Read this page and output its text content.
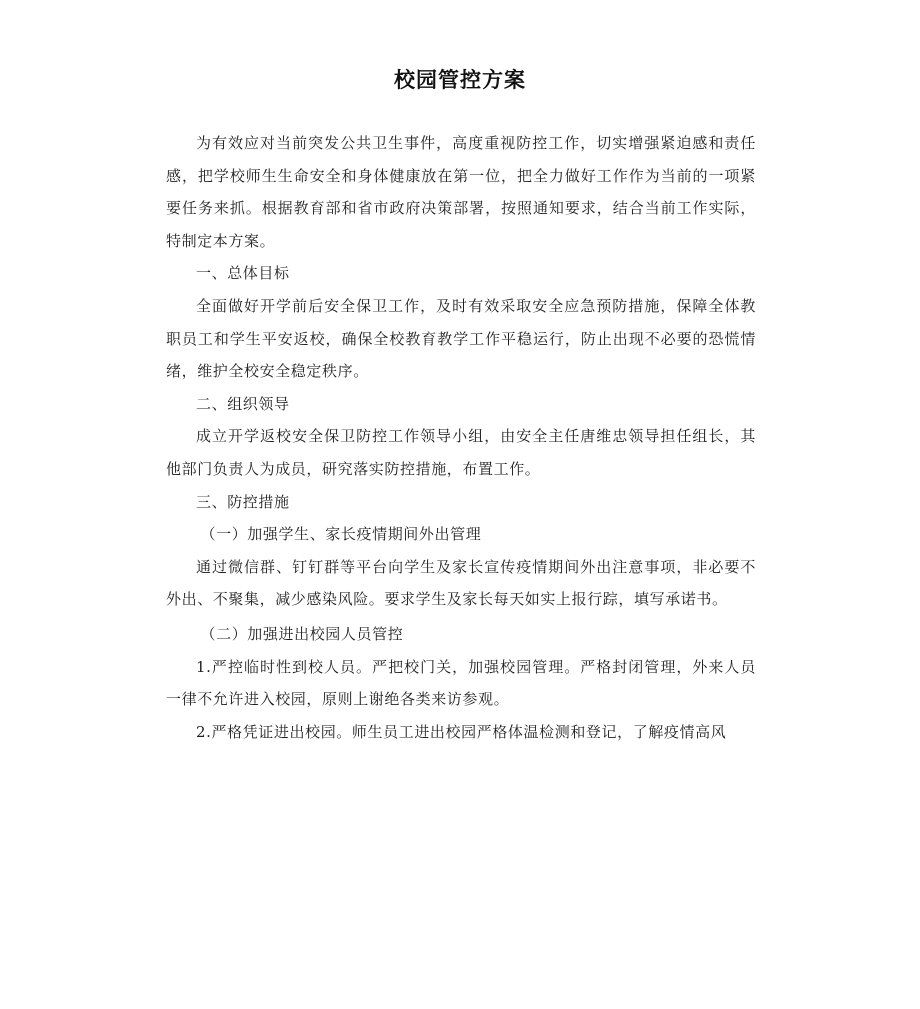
校园管控方案

为有效应对当前突发公共卫生事件，高度重视防控工作，切实增强紧迫感和责任感，把学校师生生命安全和身体健康放在第一位，把全力做好工作作为当前的一项紧要任务来抓。根据教育部和省市政府决策部署，按照通知要求，结合当前工作实际，特制定本方案。

一、总体目标

全面做好开学前后安全保卫工作，及时有效采取安全应急预防措施，保障全体教职员工和学生平安返校，确保全校教育教学工作平稳运行，防止出现不必要的恐慌情绪，维护全校安全稳定秩序。

二、组织领导

成立开学返校安全保卫防控工作领导小组，由安全主任唐维忠领导担任组长，其他部门负责人为成员，研究落实防控措施，布置工作。

三、防控措施

（一）加强学生、家长疫情期间外出管理

通过微信群、钉钉群等平台向学生及家长宣传疫情期间外出注意事项，非必要不外出、不聚集，减少感染风险。要求学生及家长每天如实上报行踪，填写承诺书。

（二）加强进出校园人员管控

1.严控临时性到校人员。严把校门关，加强校园管理。严格封闭管理，外来人员一律不允许进入校园，原则上谢绝各类来访参观。

2.严格凭证进出校园。师生员工进出校园严格体温检测和登记，了解疫情高风
